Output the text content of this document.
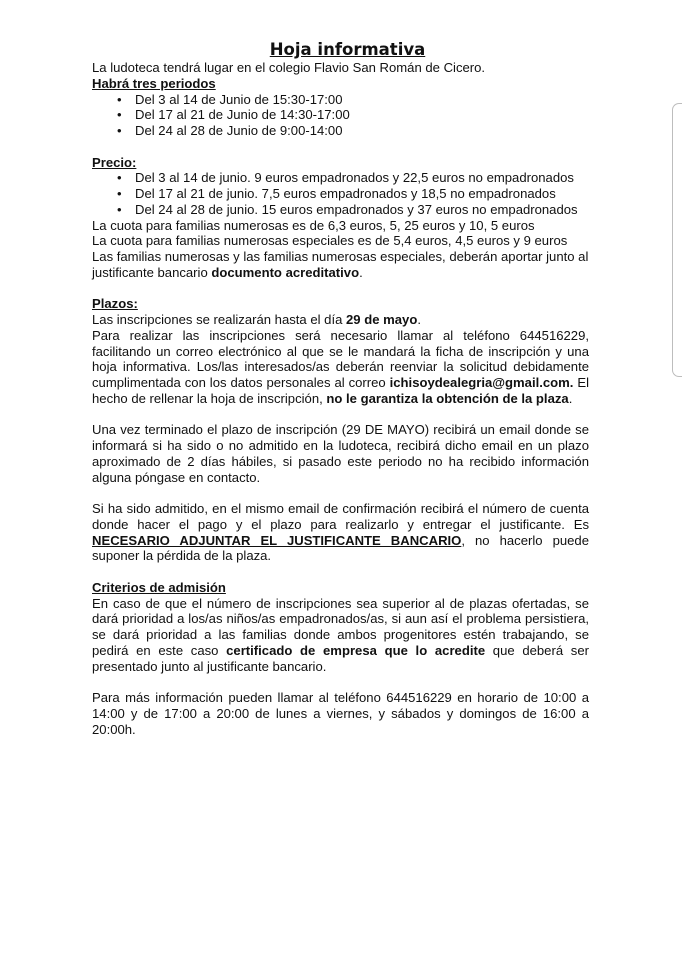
Hoja informativa

La ludoteca tendrá lugar en el colegio Flavio San Román de Cicero.

Habrá tres periodos
• Del 3 al 14 de Junio de 15:30-17:00
• Del 17 al 21 de Junio de 14:30-17:00
• Del 24 al 28 de Junio de 9:00-14:00
Precio:
• Del 3 al 14 de junio. 9 euros empadronados y 22,5 euros no empadronados
• Del 17 al 21 de junio. 7,5 euros empadronados y 18,5 no empadronados
• Del 24 al 28 de junio. 15 euros empadronados y 37 euros no empadronados

La cuota para familias numerosas es de 6,3 euros, 5, 25 euros y 10, 5 euros

La cuota para familias numerosas especiales es de 5,4 euros, 4,5 euros y 9 euros

Las familias numerosas y las familias numerosas especiales, deberán aportar junto al justificante bancario documento acreditativo.

Plazos:

Las inscripciones se realizarán hasta el día 29 de mayo.

Para realizar las inscripciones será necesario llamar al teléfono 644516229, facilitando un correo electrónico al que se le mandará la ficha de inscripción y una hoja informativa. Los/las interesados/as deberán reenviar la solicitud debidamente cumplimentada con los datos personales al correo ichisoydealegria@gmail.com. El hecho de rellenar la hoja de inscripción, no le garantiza la obtención de la plaza.

Una vez terminado el plazo de inscripción (29 DE MAYO) recibirá un email donde se informará si ha sido o no admitido en la ludoteca, recibirá dicho email en un plazo aproximado de 2 días hábiles, si pasado este periodo no ha recibido información alguna póngase en contacto.

Si ha sido admitido, en el mismo email de confirmación recibirá el número de cuenta donde hacer el pago y el plazo para realizarlo y entregar el justificante. Es NECESARIO ADJUNTAR EL JUSTIFICANTE BANCARIO, no hacerlo puede suponer la pérdida de la plaza.

Criterios de admisión

En caso de que el número de inscripciones sea superior al de plazas ofertadas, se dará prioridad a los/as niños/as empadronados/as, si aun así el problema persistiera, se dará prioridad a las familias donde ambos progenitores estén trabajando, se pedirá en este caso certificado de empresa que lo acredite que deberá ser presentado junto al justificante bancario.

Para más información pueden llamar al teléfono 644516229 en horario de 10:00 a 14:00 y de 17:00 a 20:00 de lunes a viernes, y sábados y domingos de 16:00 a 20:00h.
